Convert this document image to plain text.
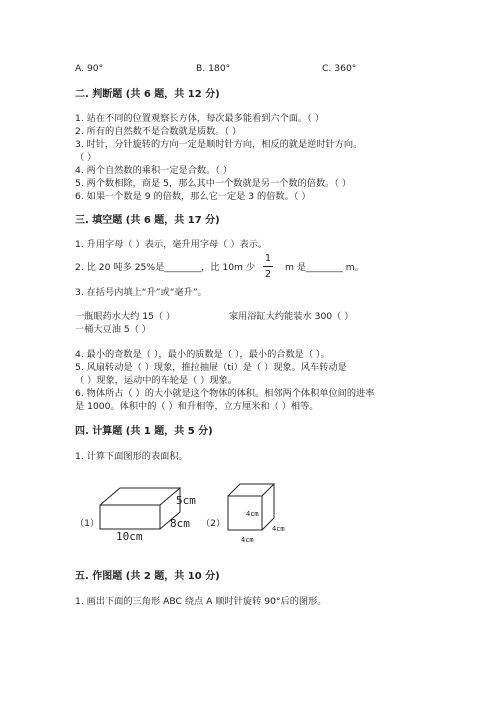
A. 90°	B. 180°	C. 360°
二. 判断题 (共 6 题，共 12 分)
1. 站在不同的位置观察长方体，每次最多能看到六个面。（ ）
2. 所有的自然数不是合数就是质数。（ ）
3. 时针，分针旋转的方向一定是顺时针方向，相反的就是逆时针方向。
（ ）
4. 两个自然数的乘积一定是合数。（ ）
5. 两个数相除，商是 5，那么其中一个数就是另一个数的倍数。（ ）
6. 如果一个数是 9 的倍数，那么它一定是 3 的倍数。（ ）
三. 填空题 (共 6 题，共 17 分)
1. 升用字母（ ）表示，毫升用字母（ ）表示。
2. 比 20 吨多 25%是________，比 10m 少
1
2
m 是________ m。
3. 在括号内填上“升”或“毫升”。
一瓶眼药水大约 15（ ）	家用浴缸大约能装水 300（ ）
一桶大豆油 5（ ）
4. 最小的奇数是（ ），最小的质数是（ ），最小的合数是（ ）。
5. 风扇转动是（ ）现象，推拉抽屉（ti）是（ ）现象。风车转动是
（ ）现象，运动中的车轮是（ ）现象。
6. 物体所占（ ）的大小就是这个物体的体积。相邻两个体积单位间的进率
是 1000。体积中的（ ）和升相等，立方厘米和（ ）相等。
四. 计算题 (共 1 题，共 5 分)
1. 计算下面图形的表面积。
（1）
5cm
8cm
10cm
（2）
4cm
4cm
4cm
五. 作图题 (共 2 题，共 10 分)
1. 画出下面的三角形 ABC 绕点 A 顺时针旋转 90°后的图形。
